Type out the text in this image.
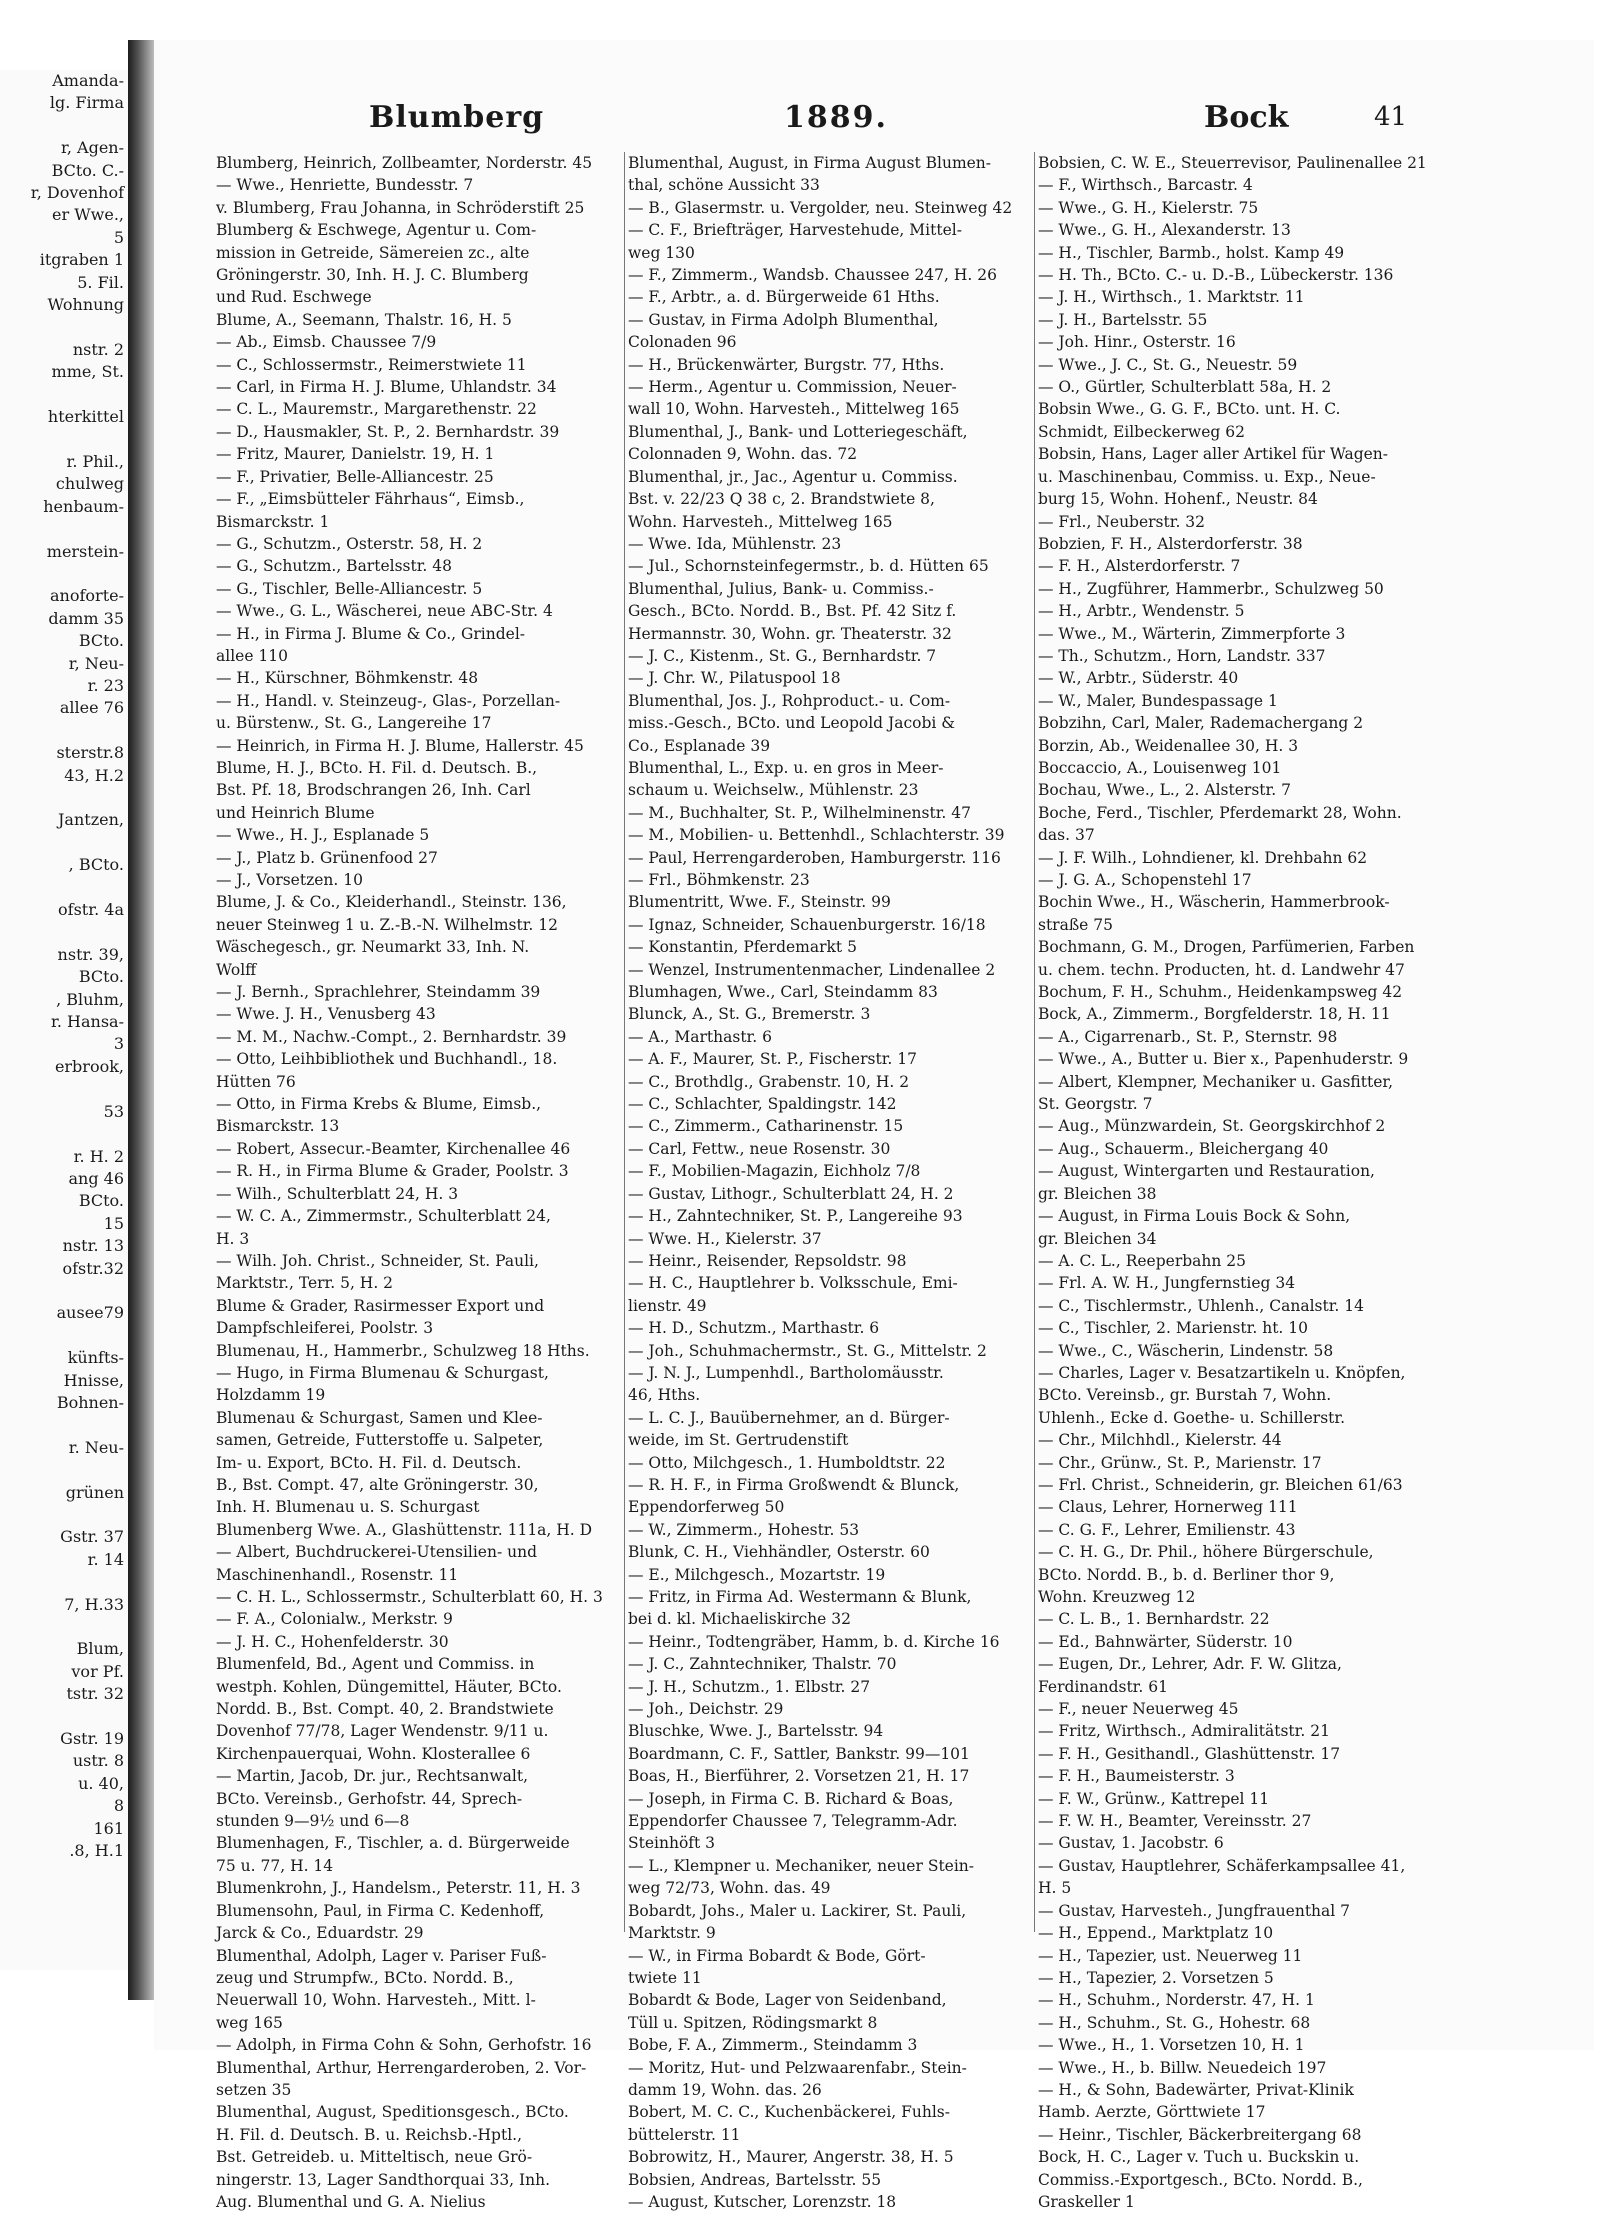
Amanda-
lg. Firma

r, Agen-
BCto. C.-
r, Dovenhof
er Wwe.,
5
itgraben 1
5. Fil.
Wohnung

nstr. 2
mme, St.

hterkittel

r. Phil.,
chulweg
henbaum-

merstein-

anoforte-
damm 35
BCto.
r, Neu-
r. 23
allee 76

sterstr.8
43, H.2

Jantzen,

, BCto.

ofstr. 4a

nstr. 39,
BCto.
, Bluhm,
r. Hansa-
3
erbrook,

53

r. H. 2
ang 46
BCto.
15
nstr. 13
ofstr.32

ausee79

künfts-
Hnisse,
Bohnen-

r. Neu-

grünen

Gstr. 37
r. 14

7, H.33

Blum,
vor Pf.
tstr. 32

Gstr. 19
ustr. 8
u. 40,
8
161
.8, H.1
Blumberg	1889.	Bock	41
Blumberg, Heinrich, Zollbeamter, Norderstr. 45
— Wwe., Henriette, Bundesstr. 7
v. Blumberg, Frau Johanna, in Schröderstift 25
Blumberg & Eschwege, Agentur u. Com-
mission in Getreide, Sämereien zc., alte
Gröningerstr. 30, Inh. H. J. C. Blumberg
und Rud. Eschwege
Blume, A., Seemann, Thalstr. 16, H. 5
— Ab., Eimsb. Chaussee 7/9
— C., Schlossermstr., Reimerstwiete 11
— Carl, in Firma H. J. Blume, Uhlandstr. 34
— C. L., Mauremstr., Margarethenstr. 22
— D., Hausmakler, St. P., 2. Bernhardstr. 39
— Fritz, Maurer, Danielstr. 19, H. 1
— F., Privatier, Belle-Alliancestr. 25
— F., „Eimsbütteler Fährhaus“, Eimsb.,
Bismarckstr. 1
— G., Schutzm., Osterstr. 58, H. 2
— G., Schutzm., Bartelsstr. 48
— G., Tischler, Belle-Alliancestr. 5
— Wwe., G. L., Wäscherei, neue ABC-Str. 4
— H., in Firma J. Blume & Co., Grindel-
allee 110
— H., Kürschner, Böhmkenstr. 48
— H., Handl. v. Steinzeug-, Glas-, Porzellan-
u. Bürstenw., St. G., Langereihe 17
— Heinrich, in Firma H. J. Blume, Hallerstr. 45
Blume, H. J., BCto. H. Fil. d. Deutsch. B.,
Bst. Pf. 18, Brodschrangen 26, Inh. Carl
und Heinrich Blume
— Wwe., H. J., Esplanade 5
— J., Platz b. Grünenfood 27
— J., Vorsetzen. 10
Blume, J. & Co., Kleiderhandl., Steinstr. 136,
neuer Steinweg 1 u. Z.-B.-N. Wilhelmstr. 12
Wäschegesch., gr. Neumarkt 33, Inh. N.
Wolff
— J. Bernh., Sprachlehrer, Steindamm 39
— Wwe. J. H., Venusberg 43
— M. M., Nachw.-Compt., 2. Bernhardstr. 39
— Otto, Leihbibliothek und Buchhandl., 18.
Hütten 76
— Otto, in Firma Krebs & Blume, Eimsb.,
Bismarckstr. 13
— Robert, Assecur.-Beamter, Kirchenallee 46
— R. H., in Firma Blume & Grader, Poolstr. 3
— Wilh., Schulterblatt 24, H. 3
— W. C. A., Zimmermstr., Schulterblatt 24,
H. 3
— Wilh. Joh. Christ., Schneider, St. Pauli,
Marktstr., Terr. 5, H. 2
Blume & Grader, Rasirmesser Export und
Dampfschleiferei, Poolstr. 3
Blumenau, H., Hammerbr., Schulzweg 18 Hths.
— Hugo, in Firma Blumenau & Schurgast,
Holzdamm 19
Blumenau & Schurgast, Samen und Klee-
samen, Getreide, Futterstoffe u. Salpeter,
Im- u. Export, BCto. H. Fil. d. Deutsch.
B., Bst. Compt. 47, alte Gröningerstr. 30,
Inh. H. Blumenau u. S. Schurgast
Blumenberg Wwe. A., Glashüttenstr. 111a, H. D
— Albert, Buchdruckerei-Utensilien- und
Maschinenhandl., Rosenstr. 11
— C. H. L., Schlossermstr., Schulterblatt 60, H. 3
— F. A., Colonialw., Merkstr. 9
— J. H. C., Hohenfelderstr. 30
Blumenfeld, Bd., Agent und Commiss. in
westph. Kohlen, Düngemittel, Häuter, BCto.
Nordd. B., Bst. Compt. 40, 2. Brandstwiete
Dovenhof 77/78, Lager Wendenstr. 9/11 u.
Kirchenpauerquai, Wohn. Klosterallee 6
— Martin, Jacob, Dr. jur., Rechtsanwalt,
BCto. Vereinsb., Gerhofstr. 44, Sprech-
stunden 9—9½ und 6—8
Blumenhagen, F., Tischler, a. d. Bürgerweide
75 u. 77, H. 14
Blumenkrohn, J., Handelsm., Peterstr. 11, H. 3
Blumensohn, Paul, in Firma C. Kedenhoff,
Jarck & Co., Eduardstr. 29
Blumenthal, Adolph, Lager v. Pariser Fuß-
zeug und Strumpfw., BCto. Nordd. B.,
Neuerwall 10, Wohn. Harvesteh., Mitt. l-
weg 165
— Adolph, in Firma Cohn & Sohn, Gerhofstr. 16
Blumenthal, Arthur, Herrengarderoben, 2. Vor-
setzen 35
Blumenthal, August, Speditionsgesch., BCto.
H. Fil. d. Deutsch. B. u. Reichsb.-Hptl.,
Bst. Getreideb. u. Mitteltisch, neue Grö-
ningerstr. 13, Lager Sandthorquai 33, Inh.
Aug. Blumenthal und G. A. Nielius
Blumenthal, August, in Firma August Blumen-
thal, schöne Aussicht 33
— B., Glasermstr. u. Vergolder, neu. Steinweg 42
— C. F., Briefträger, Harvestehude, Mittel-
weg 130
— F., Zimmerm., Wandsb. Chaussee 247, H. 26
— F., Arbtr., a. d. Bürgerweide 61 Hths.
— Gustav, in Firma Adolph Blumenthal,
Colonaden 96
— H., Brückenwärter, Burgstr. 77, Hths.
— Herm., Agentur u. Commission, Neuer-
wall 10, Wohn. Harvesteh., Mittelweg 165
Blumenthal, J., Bank- und Lotteriegeschäft,
Colonnaden 9, Wohn. das. 72
Blumenthal, jr., Jac., Agentur u. Commiss.
Bst. v. 22/23 Q 38 c, 2. Brandstwiete 8,
Wohn. Harvesteh., Mittelweg 165
— Wwe. Ida, Mühlenstr. 23
— Jul., Schornsteinfegermstr., b. d. Hütten 65
Blumenthal, Julius, Bank- u. Commiss.-
Gesch., BCto. Nordd. B., Bst. Pf. 42 Sitz f.
Hermannstr. 30, Wohn. gr. Theaterstr. 32
— J. C., Kistenm., St. G., Bernhardstr. 7
— J. Chr. W., Pilatuspool 18
Blumenthal, Jos. J., Rohproduct.- u. Com-
miss.-Gesch., BCto. und Leopold Jacobi &
Co., Esplanade 39
Blumenthal, L., Exp. u. en gros in Meer-
schaum u. Weichselw., Mühlenstr. 23
— M., Buchhalter, St. P., Wilhelminenstr. 47
— M., Mobilien- u. Bettenhdl., Schlachterstr. 39
— Paul, Herrengarderoben, Hamburgerstr. 116
— Frl., Böhmkenstr. 23
Blumentritt, Wwe. F., Steinstr. 99
— Ignaz, Schneider, Schauenburgerstr. 16/18
— Konstantin, Pferdemarkt 5
— Wenzel, Instrumentenmacher, Lindenallee 2
Blumhagen, Wwe., Carl, Steindamm 83
Blunck, A., St. G., Bremerstr. 3
— A., Marthastr. 6
— A. F., Maurer, St. P., Fischerstr. 17
— C., Brothdlg., Grabenstr. 10, H. 2
— C., Schlachter, Spaldingstr. 142
— C., Zimmerm., Catharinenstr. 15
— Carl, Fettw., neue Rosenstr. 30
— F., Mobilien-Magazin, Eichholz 7/8
— Gustav, Lithogr., Schulterblatt 24, H. 2
— H., Zahntechniker, St. P., Langereihe 93
— Wwe. H., Kielerstr. 37
— Heinr., Reisender, Repsoldstr. 98
— H. C., Hauptlehrer b. Volksschule, Emi-
lienstr. 49
— H. D., Schutzm., Marthastr. 6
— Joh., Schuhmachermstr., St. G., Mittelstr. 2
— J. N. J., Lumpenhdl., Bartholomäusstr.
46, Hths.
— L. C. J., Bauübernehmer, an d. Bürger-
weide, im St. Gertrudenstift
— Otto, Milchgesch., 1. Humboldtstr. 22
— R. H. F., in Firma Großwendt & Blunck,
Eppendorferweg 50
— W., Zimmerm., Hohestr. 53
Blunk, C. H., Viehhändler, Osterstr. 60
— E., Milchgesch., Mozartstr. 19
— Fritz, in Firma Ad. Westermann & Blunk,
bei d. kl. Michaeliskirche 32
— Heinr., Todtengräber, Hamm, b. d. Kirche 16
— J. C., Zahntechniker, Thalstr. 70
— J. H., Schutzm., 1. Elbstr. 27
— Joh., Deichstr. 29
Bluschke, Wwe. J., Bartelsstr. 94
Boardmann, C. F., Sattler, Bankstr. 99—101
Boas, H., Bierführer, 2. Vorsetzen 21, H. 17
— Joseph, in Firma C. B. Richard & Boas,
Eppendorfer Chaussee 7, Telegramm-Adr.
Steinhöft 3
— L., Klempner u. Mechaniker, neuer Stein-
weg 72/73, Wohn. das. 49
Bobardt, Johs., Maler u. Lackirer, St. Pauli,
Marktstr. 9
— W., in Firma Bobardt & Bode, Gört-
twiete 11
Bobardt & Bode, Lager von Seidenband,
Tüll u. Spitzen, Rödingsmarkt 8
Bobe, F. A., Zimmerm., Steindamm 3
— Moritz, Hut- und Pelzwaarenfabr., Stein-
damm 19, Wohn. das. 26
Bobert, M. C. C., Kuchenbäckerei, Fuhls-
büttelerstr. 11
Bobrowitz, H., Maurer, Angerstr. 38, H. 5
Bobsien, Andreas, Bartelsstr. 55
— August, Kutscher, Lorenzstr. 18
Bobsien, C. W. E., Steuerrevisor, Paulinenallee 21
— F., Wirthsch., Barcastr. 4
— Wwe., G. H., Kielerstr. 75
— Wwe., G. H., Alexanderstr. 13
— H., Tischler, Barmb., holst. Kamp 49
— H. Th., BCto. C.- u. D.-B., Lübeckerstr. 136
— J. H., Wirthsch., 1. Marktstr. 11
— J. H., Bartelsstr. 55
— Joh. Hinr., Osterstr. 16
— Wwe., J. C., St. G., Neuestr. 59
— O., Gürtler, Schulterblatt 58a, H. 2
Bobsin Wwe., G. G. F., BCto. unt. H. C.
Schmidt, Eilbeckerweg 62
Bobsin, Hans, Lager aller Artikel für Wagen-
u. Maschinenbau, Commiss. u. Exp., Neue-
burg 15, Wohn. Hohenf., Neustr. 84
— Frl., Neuberstr. 32
Bobzien, F. H., Alsterdorferstr. 38
— F. H., Alsterdorferstr. 7
— H., Zugführer, Hammerbr., Schulzweg 50
— H., Arbtr., Wendenstr. 5
— Wwe., M., Wärterin, Zimmerpforte 3
— Th., Schutzm., Horn, Landstr. 337
— W., Arbtr., Süderstr. 40
— W., Maler, Bundespassage 1
Bobzihn, Carl, Maler, Rademachergang 2
Borzin, Ab., Weidenallee 30, H. 3
Boccaccio, A., Louisenweg 101
Bochau, Wwe., L., 2. Alsterstr. 7
Boche, Ferd., Tischler, Pferdemarkt 28, Wohn.
das. 37
— J. F. Wilh., Lohndiener, kl. Drehbahn 62
— J. G. A., Schopenstehl 17
Bochin Wwe., H., Wäscherin, Hammerbrook-
straße 75
Bochmann, G. M., Drogen, Parfümerien, Farben
u. chem. techn. Producten, ht. d. Landwehr 47
Bochum, F. H., Schuhm., Heidenkampsweg 42
Bock, A., Zimmerm., Borgfelderstr. 18, H. 11
— A., Cigarrenarb., St. P., Sternstr. 98
— Wwe., A., Butter u. Bier x., Papenhuderstr. 9
— Albert, Klempner, Mechaniker u. Gasfitter,
St. Georgstr. 7
— Aug., Münzwardein, St. Georgskirchhof 2
— Aug., Schauerm., Bleichergang 40
— August, Wintergarten und Restauration,
gr. Bleichen 38
— August, in Firma Louis Bock & Sohn,
gr. Bleichen 34
— A. C. L., Reeperbahn 25
— Frl. A. W. H., Jungfernstieg 34
— C., Tischlermstr., Uhlenh., Canalstr. 14
— C., Tischler, 2. Marienstr. ht. 10
— Wwe., C., Wäscherin, Lindenstr. 58
— Charles, Lager v. Besatzartikeln u. Knöpfen,
BCto. Vereinsb., gr. Burstah 7, Wohn.
Uhlenh., Ecke d. Goethe- u. Schillerstr.
— Chr., Milchhdl., Kielerstr. 44
— Chr., Grünw., St. P., Marienstr. 17
— Frl. Christ., Schneiderin, gr. Bleichen 61/63
— Claus, Lehrer, Hornerweg 111
— C. G. F., Lehrer, Emilienstr. 43
— C. H. G., Dr. Phil., höhere Bürgerschule,
BCto. Nordd. B., b. d. Berliner thor 9,
Wohn. Kreuzweg 12
— C. L. B., 1. Bernhardstr. 22
— Ed., Bahnwärter, Süderstr. 10
— Eugen, Dr., Lehrer, Adr. F. W. Glitza,
Ferdinandstr. 61
— F., neuer Neuerweg 45
— Fritz, Wirthsch., Admiralitätstr. 21
— F. H., Gesithandl., Glashüttenstr. 17
— F. H., Baumeisterstr. 3
— F. W., Grünw., Kattrepel 11
— F. W. H., Beamter, Vereinsstr. 27
— Gustav, 1. Jacobstr. 6
— Gustav, Hauptlehrer, Schäferkampsallee 41,
H. 5
— Gustav, Harvesteh., Jungfrauenthal 7
— H., Eppend., Marktplatz 10
— H., Tapezier, ust. Neuerweg 11
— H., Tapezier, 2. Vorsetzen 5
— H., Schuhm., Norderstr. 47, H. 1
— H., Schuhm., St. G., Hohestr. 68
— Wwe., H., 1. Vorsetzen 10, H. 1
— Wwe., H., b. Billw. Neuedeich 197
— H., & Sohn, Badewärter, Privat-Klinik
Hamb. Aerzte, Görttwiete 17
— Heinr., Tischler, Bäckerbreitergang 68
Bock, H. C., Lager v. Tuch u. Buckskin u.
Commiss.-Exportgesch., BCto. Nordd. B.,
Graskeller 1
